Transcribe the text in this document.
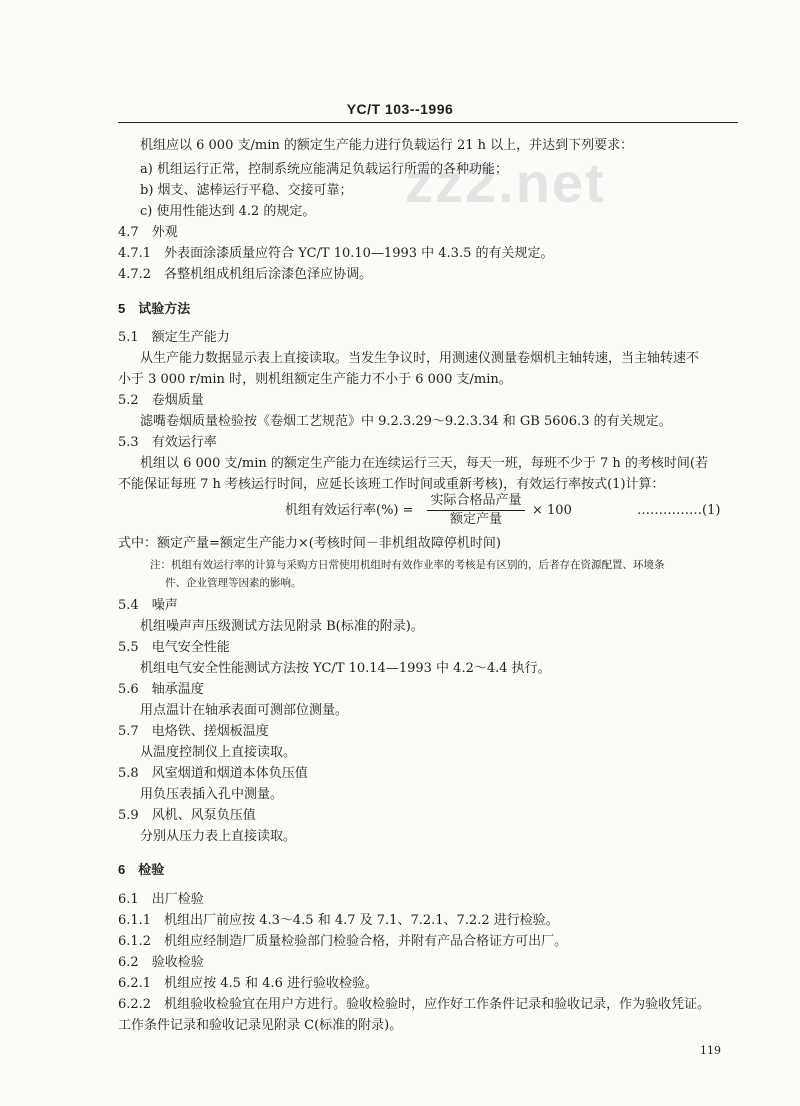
zz2.net
YC/T 103--1996
机组应以 6 000 支/min 的额定生产能力进行负载运行 21 h 以上，并达到下列要求：
a) 机组运行正常，控制系统应能满足负载运行所需的各种功能；
b) 烟支、滤棒运行平稳、交接可靠；
c) 使用性能达到 4.2 的规定。
4.7　 外观
4.7.1　 外表面涂漆质量应符合 YC/T 10.10—1993 中 4.3.5 的有关规定。
4.7.2　 各整机组成机组后涂漆色泽应协调。
5　 试验方法
5.1　 额定生产能力
从生产能力数据显示表上直接读取。当发生争议时，用测速仪测量卷烟机主轴转速，当主轴转速不
小于 3 000 r/min 时，则机组额定生产能力不小于 6 000 支/min。
5.2　 卷烟质量
滤嘴卷烟质量检验按《卷烟工艺规范》中 9.2.3.29～9.2.3.34 和 GB 5606.3 的有关规定。
5.3　 有效运行率
机组以 6 000 支/min 的额定生产能力在连续运行三天，每天一班，每班不少于 7 h 的考核时间(若
不能保证每班 7 h 考核运行时间，应延长该班工作时间或重新考核)，有效运行率按式(1)计算：
机组有效运行率(%) =
实际合格品产量
额定产量
× 100	……………(1)
式中：额定产量=额定生产能力×(考核时间－非机组故障停机时间)
注：机组有效运行率的计算与采购方日常使用机组时有效作业率的考核是有区别的，后者存在资源配置、环境条
件、企业管理等因素的影响。
5.4　 噪声
机组噪声声压级测试方法见附录 B(标准的附录)。
5.5　 电气安全性能
机组电气安全性能测试方法按 YC/T 10.14—1993 中 4.2～4.4 执行。
5.6　 轴承温度
用点温计在轴承表面可测部位测量。
5.7　 电烙铁、搓烟板温度
从温度控制仪上直接读取。
5.8　 风室烟道和烟道本体负压值
用负压表插入孔中测量。
5.9　 风机、风泵负压值
分别从压力表上直接读取。
6　 检验
6.1　 出厂检验
6.1.1　 机组出厂前应按 4.3～4.5 和 4.7 及 7.1、7.2.1、7.2.2 进行检验。
6.1.2　 机组应经制造厂质量检验部门检验合格，并附有产品合格证方可出厂。
6.2　 验收检验
6.2.1　 机组应按 4.5 和 4.6 进行验收检验。
6.2.2　 机组验收检验宜在用户方进行。验收检验时，应作好工作条件记录和验收记录，作为验收凭证。
工作条件记录和验收记录见附录 C(标准的附录)。
119
